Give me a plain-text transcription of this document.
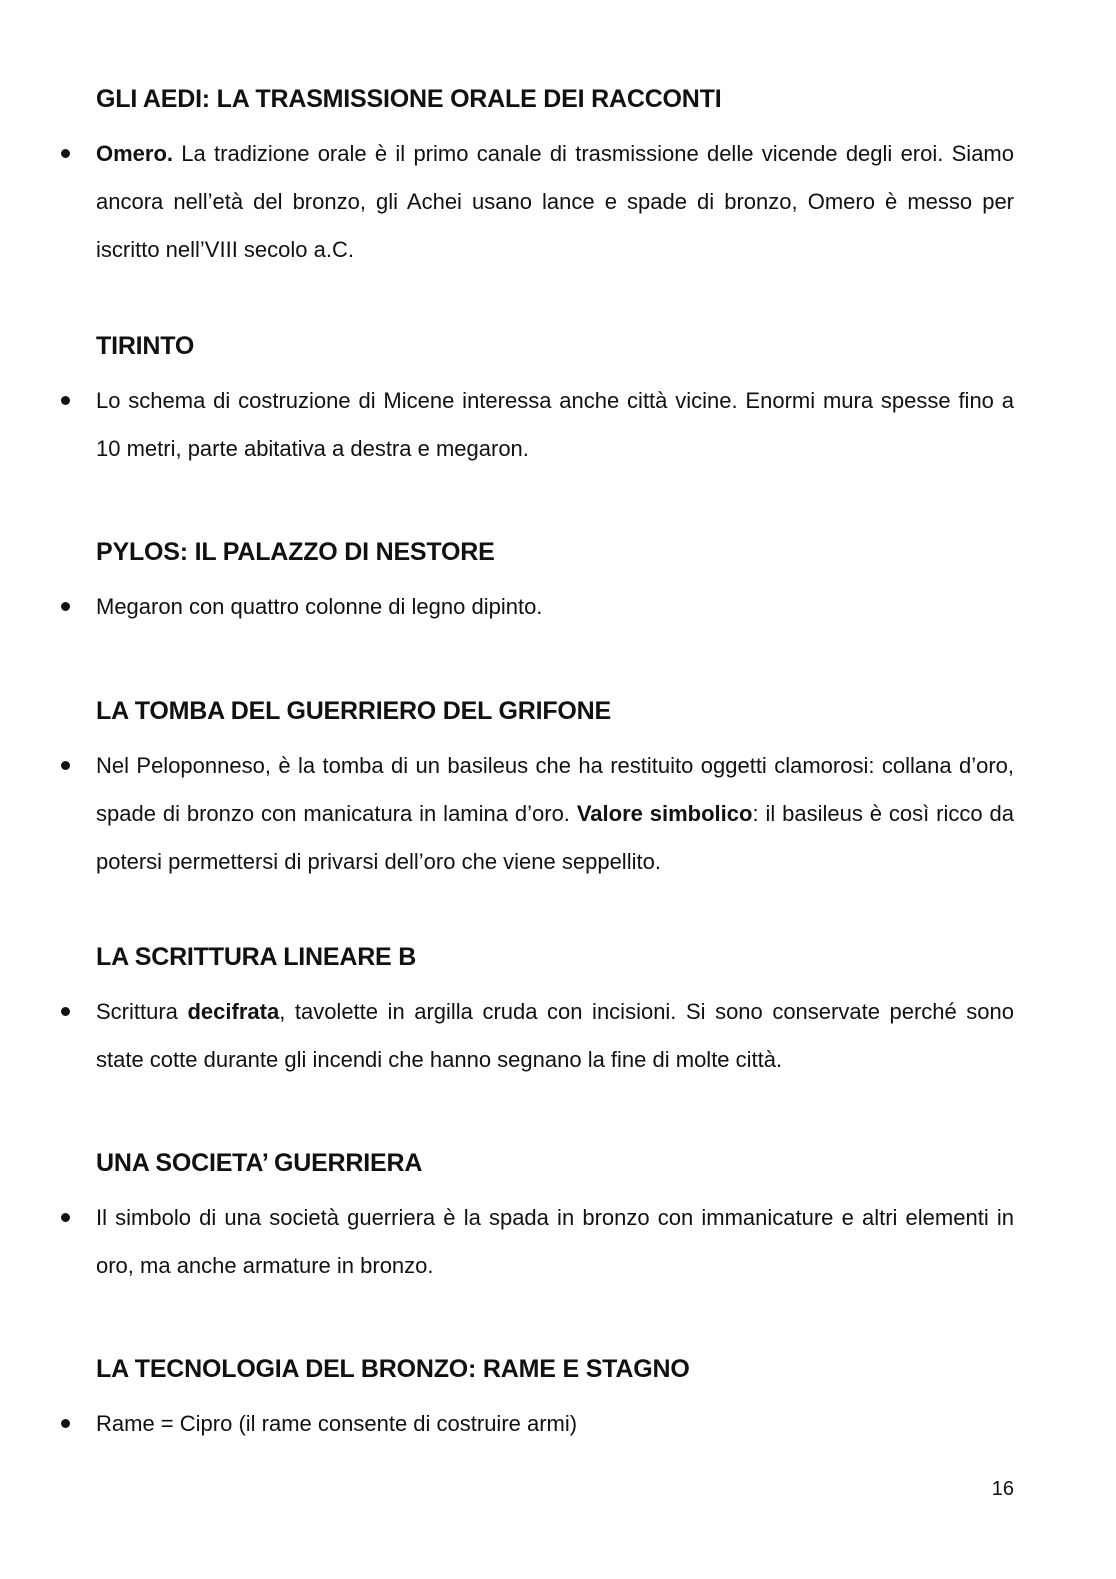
GLI AEDI: LA TRASMISSIONE ORALE DEI RACCONTI

Omero. La tradizione orale è il primo canale di trasmissione delle vicende degli eroi. Siamo ancora nell’età del bronzo, gli Achei usano lance e spade di bronzo, Omero è messo per iscritto nell’VIII secolo a.C.

TIRINTO

Lo schema di costruzione di Micene interessa anche città vicine. Enormi mura spesse fino a 10 metri, parte abitativa a destra e megaron.

PYLOS: IL PALAZZO DI NESTORE

Megaron con quattro colonne di legno dipinto.

LA TOMBA DEL GUERRIERO DEL GRIFONE

Nel Peloponneso, è la tomba di un basileus che ha restituito oggetti clamorosi: collana d’oro, spade di bronzo con manicatura in lamina d’oro. Valore simbolico: il basileus è così ricco da potersi permettersi di privarsi dell’oro che viene seppellito.

LA SCRITTURA LINEARE B

Scrittura decifrata, tavolette in argilla cruda con incisioni. Si sono conservate perché sono state cotte durante gli incendi che hanno segnano la fine di molte città.

UNA SOCIETA’ GUERRIERA

Il simbolo di una società guerriera è la spada in bronzo con immanicature e altri elementi in oro, ma anche armature in bronzo.

LA TECNOLOGIA DEL BRONZO: RAME E STAGNO

Rame = Cipro (il rame consente di costruire armi)

16
